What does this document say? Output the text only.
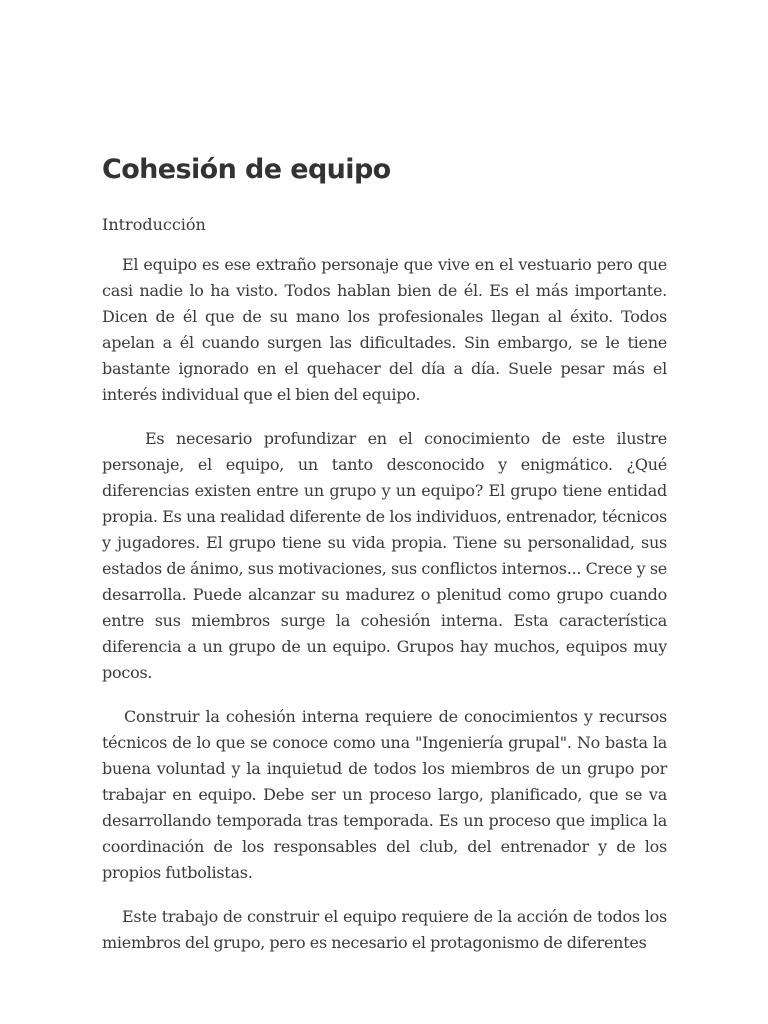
Cohesión de equipo

Introducción

El equipo es ese extraño personaje que vive en el vestuario pero que casi nadie lo ha visto. Todos hablan bien de él. Es el más importante. Dicen de él que de su mano los profesionales llegan al éxito. Todos apelan a él cuando surgen las dificultades. Sin embargo, se le tiene bastante ignorado en el quehacer del día a día. Suele pesar más el interés individual que el bien del equipo.

Es necesario profundizar en el conocimiento de este ilustre personaje, el equipo, un tanto desconocido y enigmático. ¿Qué diferencias existen entre un grupo y un equipo? El grupo tiene entidad propia. Es una realidad diferente de los individuos, entrenador, técnicos y jugadores. El grupo tiene su vida propia. Tiene su personalidad, sus estados de ánimo, sus motivaciones, sus conflictos internos... Crece y se desarrolla. Puede alcanzar su madurez o plenitud como grupo cuando entre sus miembros surge la cohesión interna. Esta característica diferencia a un grupo de un equipo. Grupos hay muchos, equipos muy pocos.

Construir la cohesión interna requiere de conocimientos y recursos técnicos de lo que se conoce como una "Ingeniería grupal". No basta la buena voluntad y la inquietud de todos los miembros de un grupo por trabajar en equipo. Debe ser un proceso largo, planificado, que se va desarrollando temporada tras temporada. Es un proceso que implica la coordinación de los responsables del club, del entrenador y de los propios futbolistas.

Este trabajo de construir el equipo requiere de la acción de todos los miembros del grupo, pero es necesario el protagonismo de diferentes
